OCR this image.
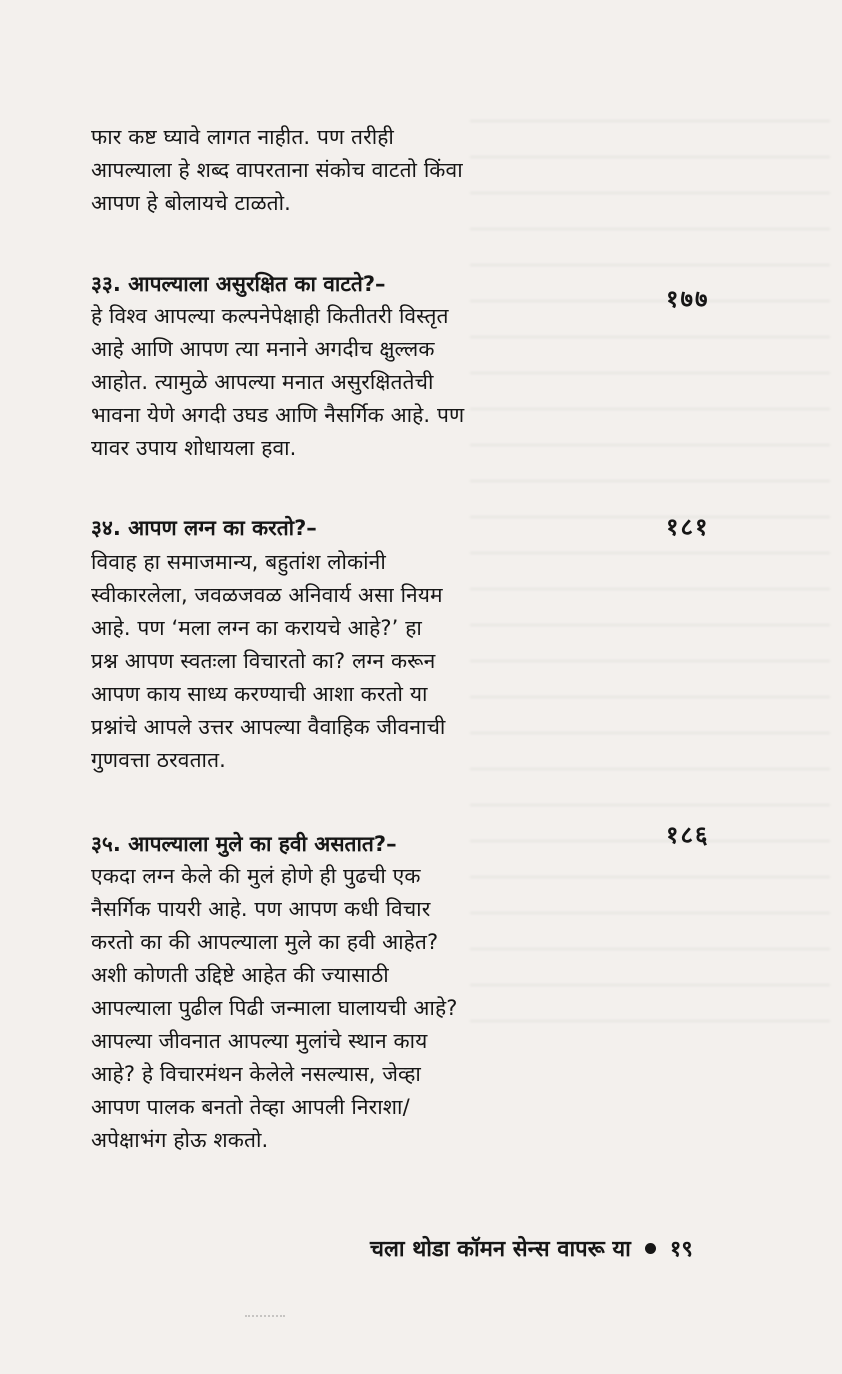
फार कष्ट घ्यावे लागत नाहीत. पण तरीही
आपल्याला हे शब्द वापरताना संकोच वाटतो किंवा
आपण हे बोलायचे टाळतो.

३३. आपल्याला असुरक्षित का वाटते?–

हे विश्व आपल्या कल्पनेपेक्षाही कितीतरी विस्तृत
आहे आणि आपण त्या मनाने अगदीच क्षुल्लक
आहोत. त्यामुळे आपल्या मनात असुरक्षिततेची
भावना येणे अगदी उघड आणि नैसर्गिक आहे. पण
यावर उपाय शोधायला हवा.

३४. आपण लग्न का करतो?–

विवाह हा समाजमान्य, बहुतांश लोकांनी
स्वीकारलेला, जवळजवळ अनिवार्य असा नियम
आहे. पण ‘मला लग्न का करायचे आहे?’ हा
प्रश्न आपण स्वतःला विचारतो का? लग्न करून
आपण काय साध्य करण्याची आशा करतो या
प्रश्नांचे आपले उत्तर आपल्या वैवाहिक जीवनाची
गुणवत्ता ठरवतात.

३५. आपल्याला मुले का हवी असतात?–

एकदा लग्न केले की मुलं होणे ही पुढची एक
नैसर्गिक पायरी आहे. पण आपण कधी विचार
करतो का की आपल्याला मुले का हवी आहेत?
अशी कोणती उद्दिष्टे आहेत की ज्यासाठी
आपल्याला पुढील पिढी जन्माला घालायची आहे?
आपल्या जीवनात आपल्या मुलांचे स्थान काय
आहे? हे विचारमंथन केलेले नसल्यास, जेव्हा
आपण पालक बनतो तेव्हा आपली निराशा/
अपेक्षाभंग होऊ शकतो.

१७७
१८१
१८६
चला थोडा कॉमन सेन्स वापरू या १९
